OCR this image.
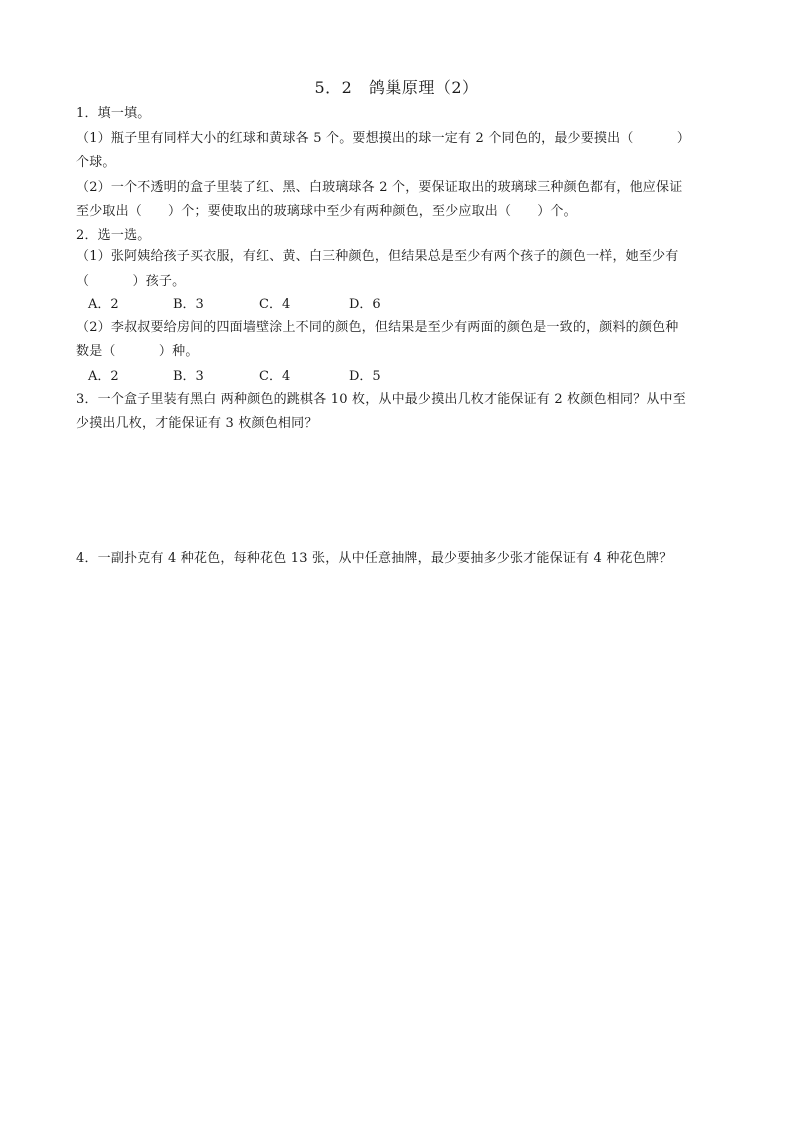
5．2　鸽巢原理（2）
1．填一填。
（1）瓶子里有同样大小的红球和黄球各 5 个。要想摸出的球一定有 2 个同色的，最少要摸出（          ）
个球。
（2）一个不透明的盒子里装了红、黑、白玻璃球各 2 个，要保证取出的玻璃球三种颜色都有，他应保证
至少取出（      ）个；要使取出的玻璃球中至少有两种颜色，至少应取出（      ）个。
2．选一选。
（1）张阿姨给孩子买衣服，有红、黄、白三种颜色，但结果总是至少有两个孩子的颜色一样，她至少有
（          ）孩子。
A．2	B．3	C．4	D．6
（2）李叔叔要给房间的四面墙壁涂上不同的颜色，但结果是至少有两面的颜色是一致的，颜料的颜色种
数是（          ）种。
A．2	B．3	C．4	D．5
3．一个盒子里装有黑白 两种颜色的跳棋各 10 枚，从中最少摸出几枚才能保证有 2 枚颜色相同？从中至
少摸出几枚，才能保证有 3 枚颜色相同？
4．一副扑克有 4 种花色，每种花色 13 张，从中任意抽牌，最少要抽多少张才能保证有 4 种花色牌？
